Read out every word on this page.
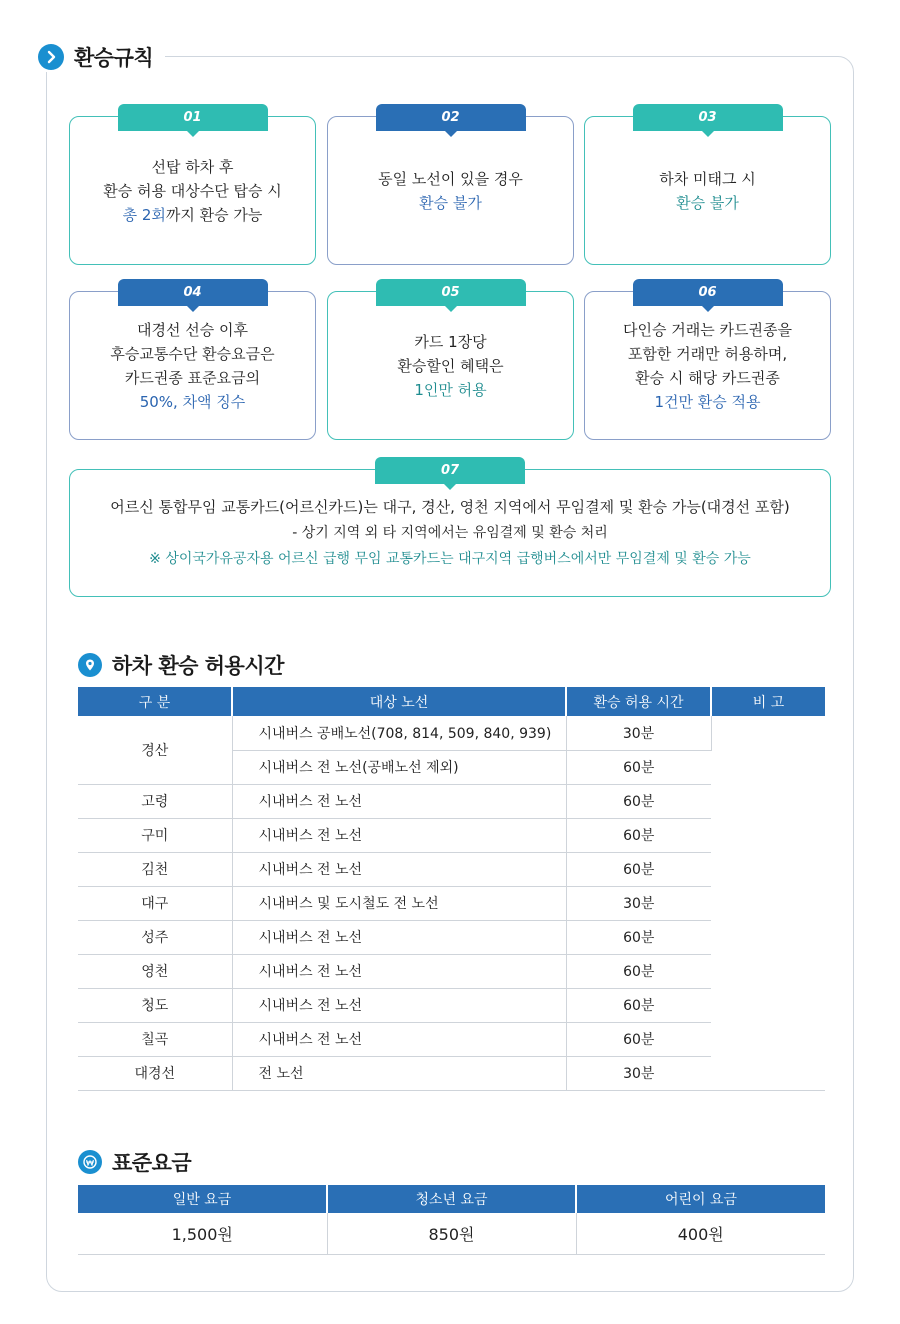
환승규칙
01
선탑 하차 후
환승 허용 대상수단 탑승 시
총 2회까지 환승 가능
02
동일 노선이 있을 경우
환승 불가
03
하차 미태그 시
환승 불가
04
대경선 선승 이후
후승교통수단 환승요금은
카드권종 표준요금의
50%, 차액 징수
05
카드 1장당
환승할인 혜택은
1인만 허용
06
다인승 거래는 카드권종을
포함한 거래만 허용하며,
환승 시 해당 카드권종
1건만 환승 적용
07
어르신 통합무임 교통카드(어르신카드)는 대구, 경산, 영천 지역에서 무임결제 및 환승 가능(대경선 포함)
- 상기 지역 외 타 지역에서는 유임결제 및 환승 처리
※ 상이국가유공자용 어르신 급행 무임 교통카드는 대구지역 급행버스에서만 무임결제 및 환승 가능
하차 환승 허용시간
구 분	대상 노선	환승 허용 시간	비 고
경산	시내버스 공배노선(708, 814, 509, 840, 939)	30분	
	시내버스 전 노선(공배노선 제외)	60분	
고령	시내버스 전 노선	60분	
구미	시내버스 전 노선	60분	
김천	시내버스 전 노선	60분	
대구	시내버스 및 도시철도 전 노선	30분	
성주	시내버스 전 노선	60분	
영천	시내버스 전 노선	60분	
청도	시내버스 전 노선	60분	
칠곡	시내버스 전 노선	60분	
대경선	전 노선	30분	
표준요금
일반 요금	청소년 요금	어린이 요금
1,500원	850원	400원
